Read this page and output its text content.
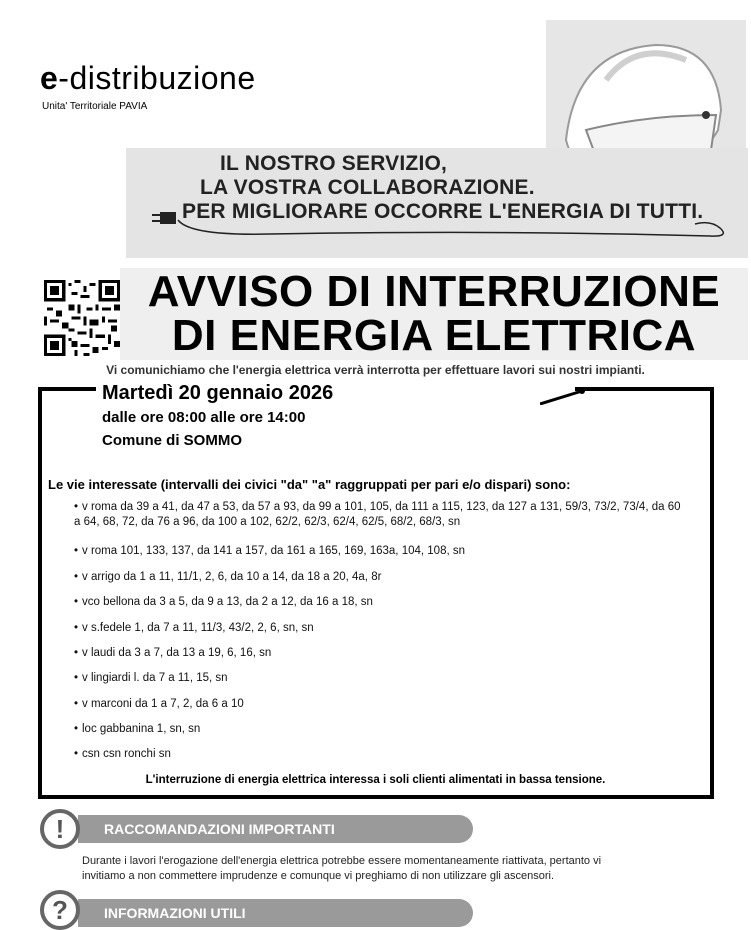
e-distribuzione
Unita' Territoriale PAVIA
IL NOSTRO SERVIZIO,
LA VOSTRA COLLABORAZIONE.
PER MIGLIORARE OCCORRE L'ENERGIA DI TUTTI.
AVVISO DI INTERRUZIONE
DI ENERGIA ELETTRICA
Vi comunichiamo che l'energia elettrica verrà interrotta per effettuare lavori sui nostri impianti.
Martedì 20 gennaio 2026
dalle ore 08:00 alle ore 14:00
Comune di SOMMO
Le vie interessate (intervalli dei civici "da" "a" raggruppati per pari e/o dispari) sono:
• v roma da 39 a 41, da 47 a 53, da 57 a 93, da 99 a 101, 105, da 111 a 115, 123, da 127 a 131, 59/3, 73/2, 73/4, da 60 a 64, 68, 72, da 76 a 96, da 100 a 102, 62/2, 62/3, 62/4, 62/5, 68/2, 68/3, sn
• v roma 101, 133, 137, da 141 a 157, da 161 a 165, 169, 163a, 104, 108, sn
• v arrigo da 1 a 11, 11/1, 2, 6, da 10 a 14, da 18 a 20, 4a, 8r
• vco bellona da 3 a 5, da 9 a 13, da 2 a 12, da 16 a 18, sn
• v s.fedele 1, da 7 a 11, 11/3, 43/2, 2, 6, sn, sn
• v laudi da 3 a 7, da 13 a 19, 6, 16, sn
• v lingiardi l. da 7 a 11, 15, sn
• v marconi da 1 a 7, 2, da 6 a 10
• loc gabbanina 1, sn, sn
• csn csn ronchi sn
L'interruzione di energia elettrica interessa i soli clienti alimentati in bassa tensione.
RACCOMANDAZIONI IMPORTANTI
!
Durante i lavori l'erogazione dell'energia elettrica potrebbe essere momentaneamente riattivata, pertanto vi
invitiamo a non commettere imprudenze e comunque vi preghiamo di non utilizzare gli ascensori.
INFORMAZIONI UTILI
?
